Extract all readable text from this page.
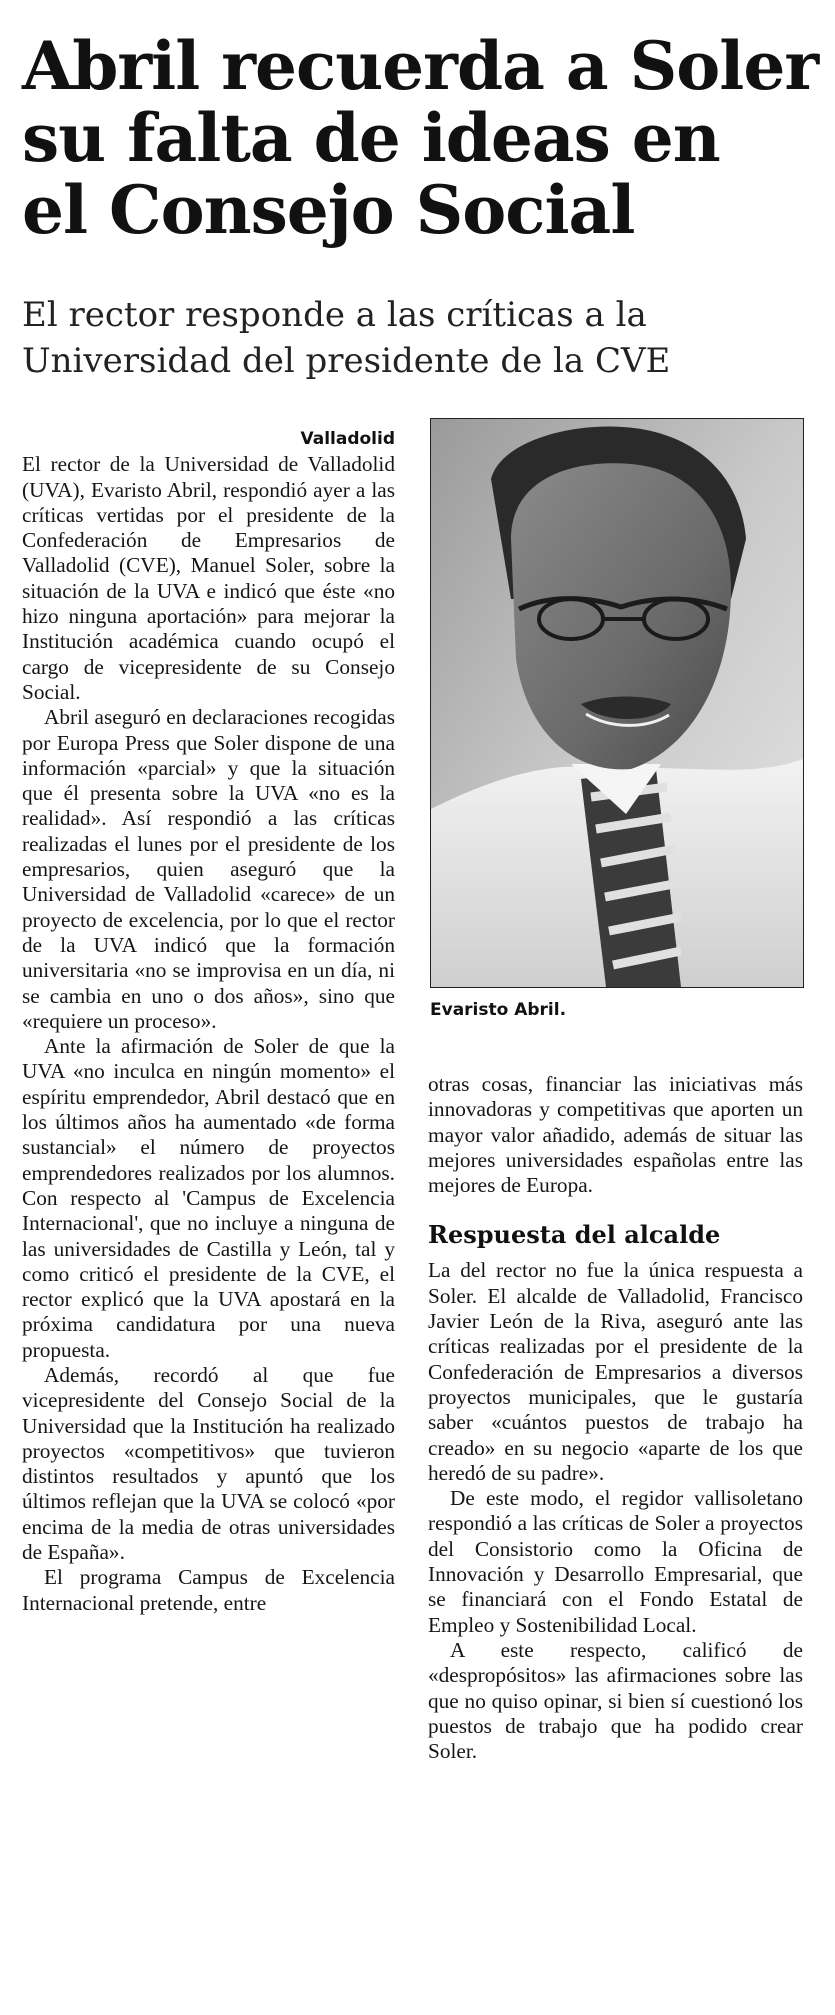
Abril recuerda a Soler
su falta de ideas en
el Consejo Social
El rector responde a las críticas a la
Universidad del presidente de la CVE
Valladolid

El rector de la Universidad de Valladolid (UVA), Evaristo Abril, respondió ayer a las críticas vertidas por el presidente de la Confederación de Empresarios de Valladolid (CVE), Manuel Soler, sobre la situación de la UVA e indicó que éste «no hizo ninguna aportación» para mejorar la Institución académica cuando ocupó el cargo de vicepresidente de su Consejo Social.

Abril aseguró en declaraciones recogidas por Europa Press que Soler dispone de una información «parcial» y que la situación que él presenta sobre la UVA «no es la realidad». Así respondió a las críticas realizadas el lunes por el presidente de los empresarios, quien aseguró que la Universidad de Valladolid «carece» de un proyecto de excelencia, por lo que el rector de la UVA indicó que la formación universitaria «no se improvisa en un día, ni se cambia en uno o dos años», sino que «requiere un proceso».

Ante la afirmación de Soler de que la UVA «no inculca en ningún momento» el espíritu emprendedor, Abril destacó que en los últimos años ha aumentado «de forma sustancial» el número de proyectos emprendedores realizados por los alumnos. Con respecto al 'Campus de Excelencia Internacional', que no incluye a ninguna de las universidades de Castilla y León, tal y como criticó el presidente de la CVE, el rector explicó que la UVA apostará en la próxima candidatura por una nueva propuesta.

Además, recordó al que fue vicepresidente del Consejo Social de la Universidad que la Institución ha realizado proyectos «competitivos» que tuvieron distintos resultados y apuntó que los últimos reflejan que la UVA se colocó «por encima de la media de otras universidades de España».

El programa Campus de Excelencia Internacional pretende, entre

Evaristo Abril.

otras cosas, financiar las iniciativas más innovadoras y competitivas que aporten un mayor valor añadido, además de situar las mejores universidades españolas entre las mejores de Europa.

Respuesta del alcalde

La del rector no fue la única respuesta a Soler. El alcalde de Valladolid, Francisco Javier León de la Riva, aseguró ante las críticas realizadas por el presidente de la Confederación de Empresarios a diversos proyectos municipales, que le gustaría saber «cuántos puestos de trabajo ha creado» en su negocio «aparte de los que heredó de su padre».

De este modo, el regidor vallisoletano respondió a las críticas de Soler a proyectos del Consistorio como la Oficina de Innovación y Desarrollo Empresarial, que se financiará con el Fondo Estatal de Empleo y Sostenibilidad Local.

A este respecto, calificó de «despropósitos» las afirmaciones sobre las que no quiso opinar, si bien sí cuestionó los puestos de trabajo que ha podido crear Soler.
